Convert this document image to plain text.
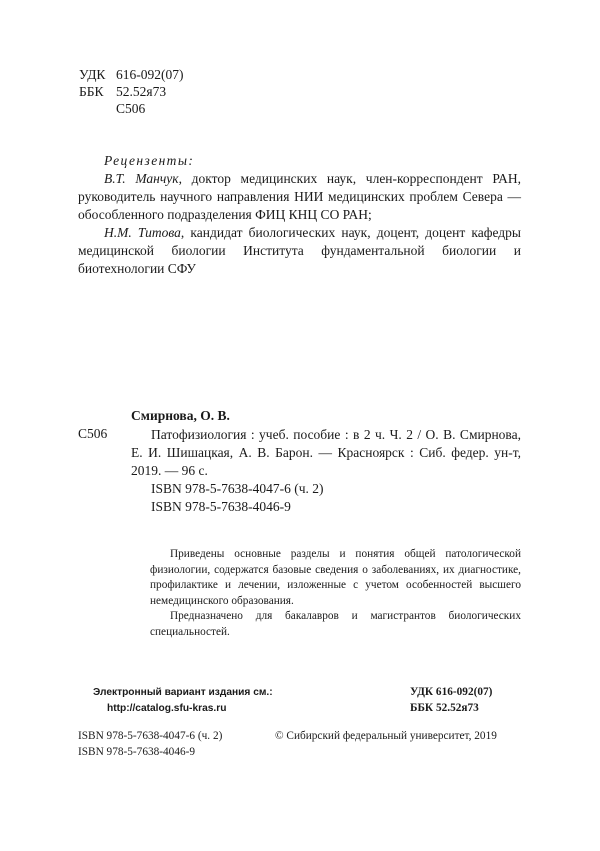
УДК 616-092(07)
ББК 52.52я73
С506
Рецензенты:

В.Т. Манчук, доктор медицинских наук, член-корреспондент РАН, руководитель научного направления НИИ медицинских проблем Севера — обособленного подразделения ФИЦ КНЦ СО РАН;

Н.М. Титова, кандидат биологических наук, доцент, доцент кафедры медицинской биологии Института фундаментальной биологии и биотехнологии СФУ

Смирнова, О. В.
С506	Патофизиология : учеб. пособие : в 2 ч. Ч. 2 / О. В. Смирнова, Е. И. Шишацкая, А. В. Барон. — Красноярск : Сиб. федер. ун-т, 2019. — 96 с.

ISBN 978-5-7638-4047-6 (ч. 2)

ISBN 978-5-7638-4046-9

Приведены основные разделы и понятия общей патологической физиологии, содержатся базовые сведения о заболеваниях, их диагностике, профилактике и лечении, изложенные с учетом особенностей высшего немедицинского образования.

Предназначено для бакалавров и магистрантов биологических специальностей.

Электронный вариант издания см.:
http://catalog.sfu-kras.ru
УДК 616-092(07)
ББК 52.52я73
ISBN 978-5-7638-4047-6 (ч. 2)
ISBN 978-5-7638-4046-9
© Сибирский федеральный университет, 2019
